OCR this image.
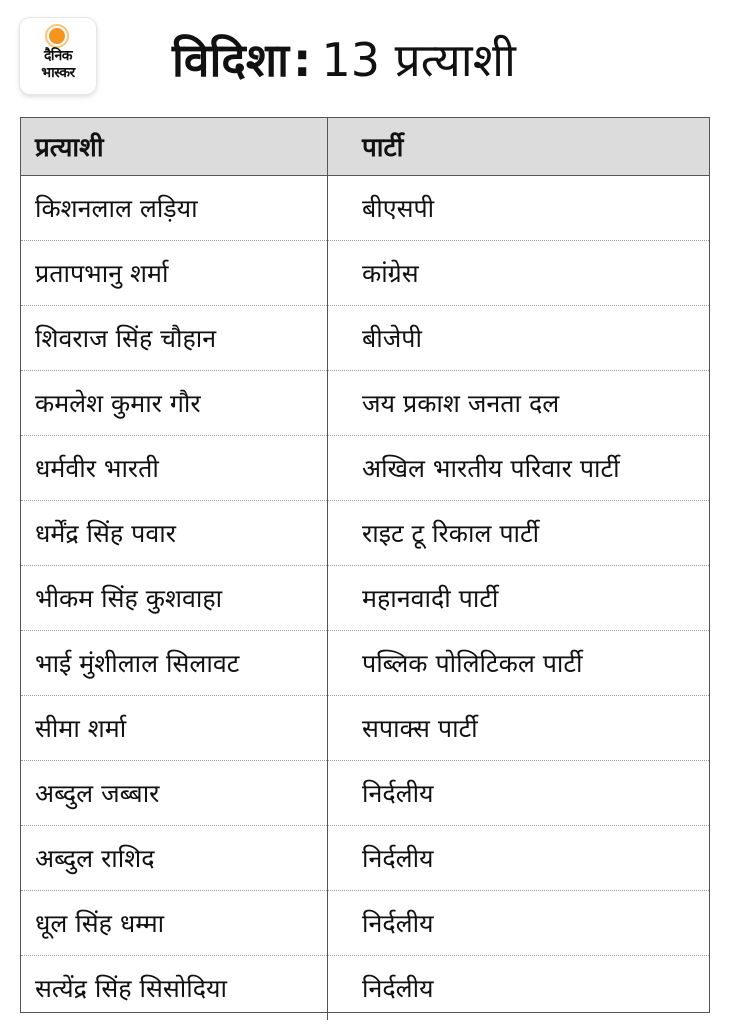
दैनिक
भास्कर	विदिशा: 13 प्रत्याशी
प्रत्याशी	पार्टी
किशनलाल लड़िया	बीएसपी
प्रतापभानु शर्मा	कांग्रेस
शिवराज सिंह चौहान	बीजेपी
कमलेश कुमार गौर	जय प्रकाश जनता दल
धर्मवीर भारती	अखिल भारतीय परिवार पार्टी
धर्मेंद्र सिंह पवार	राइट टू रिकाल पार्टी
भीकम सिंह कुशवाहा	महानवादी पार्टी
भाई मुंशीलाल सिलावट	पब्लिक पोलिटिकल पार्टी
सीमा शर्मा	सपाक्स पार्टी
अब्दुल जब्बार	निर्दलीय
अब्दुल राशिद	निर्दलीय
धूल सिंह धम्मा	निर्दलीय
सत्येंद्र सिंह सिसोदिया	निर्दलीय
